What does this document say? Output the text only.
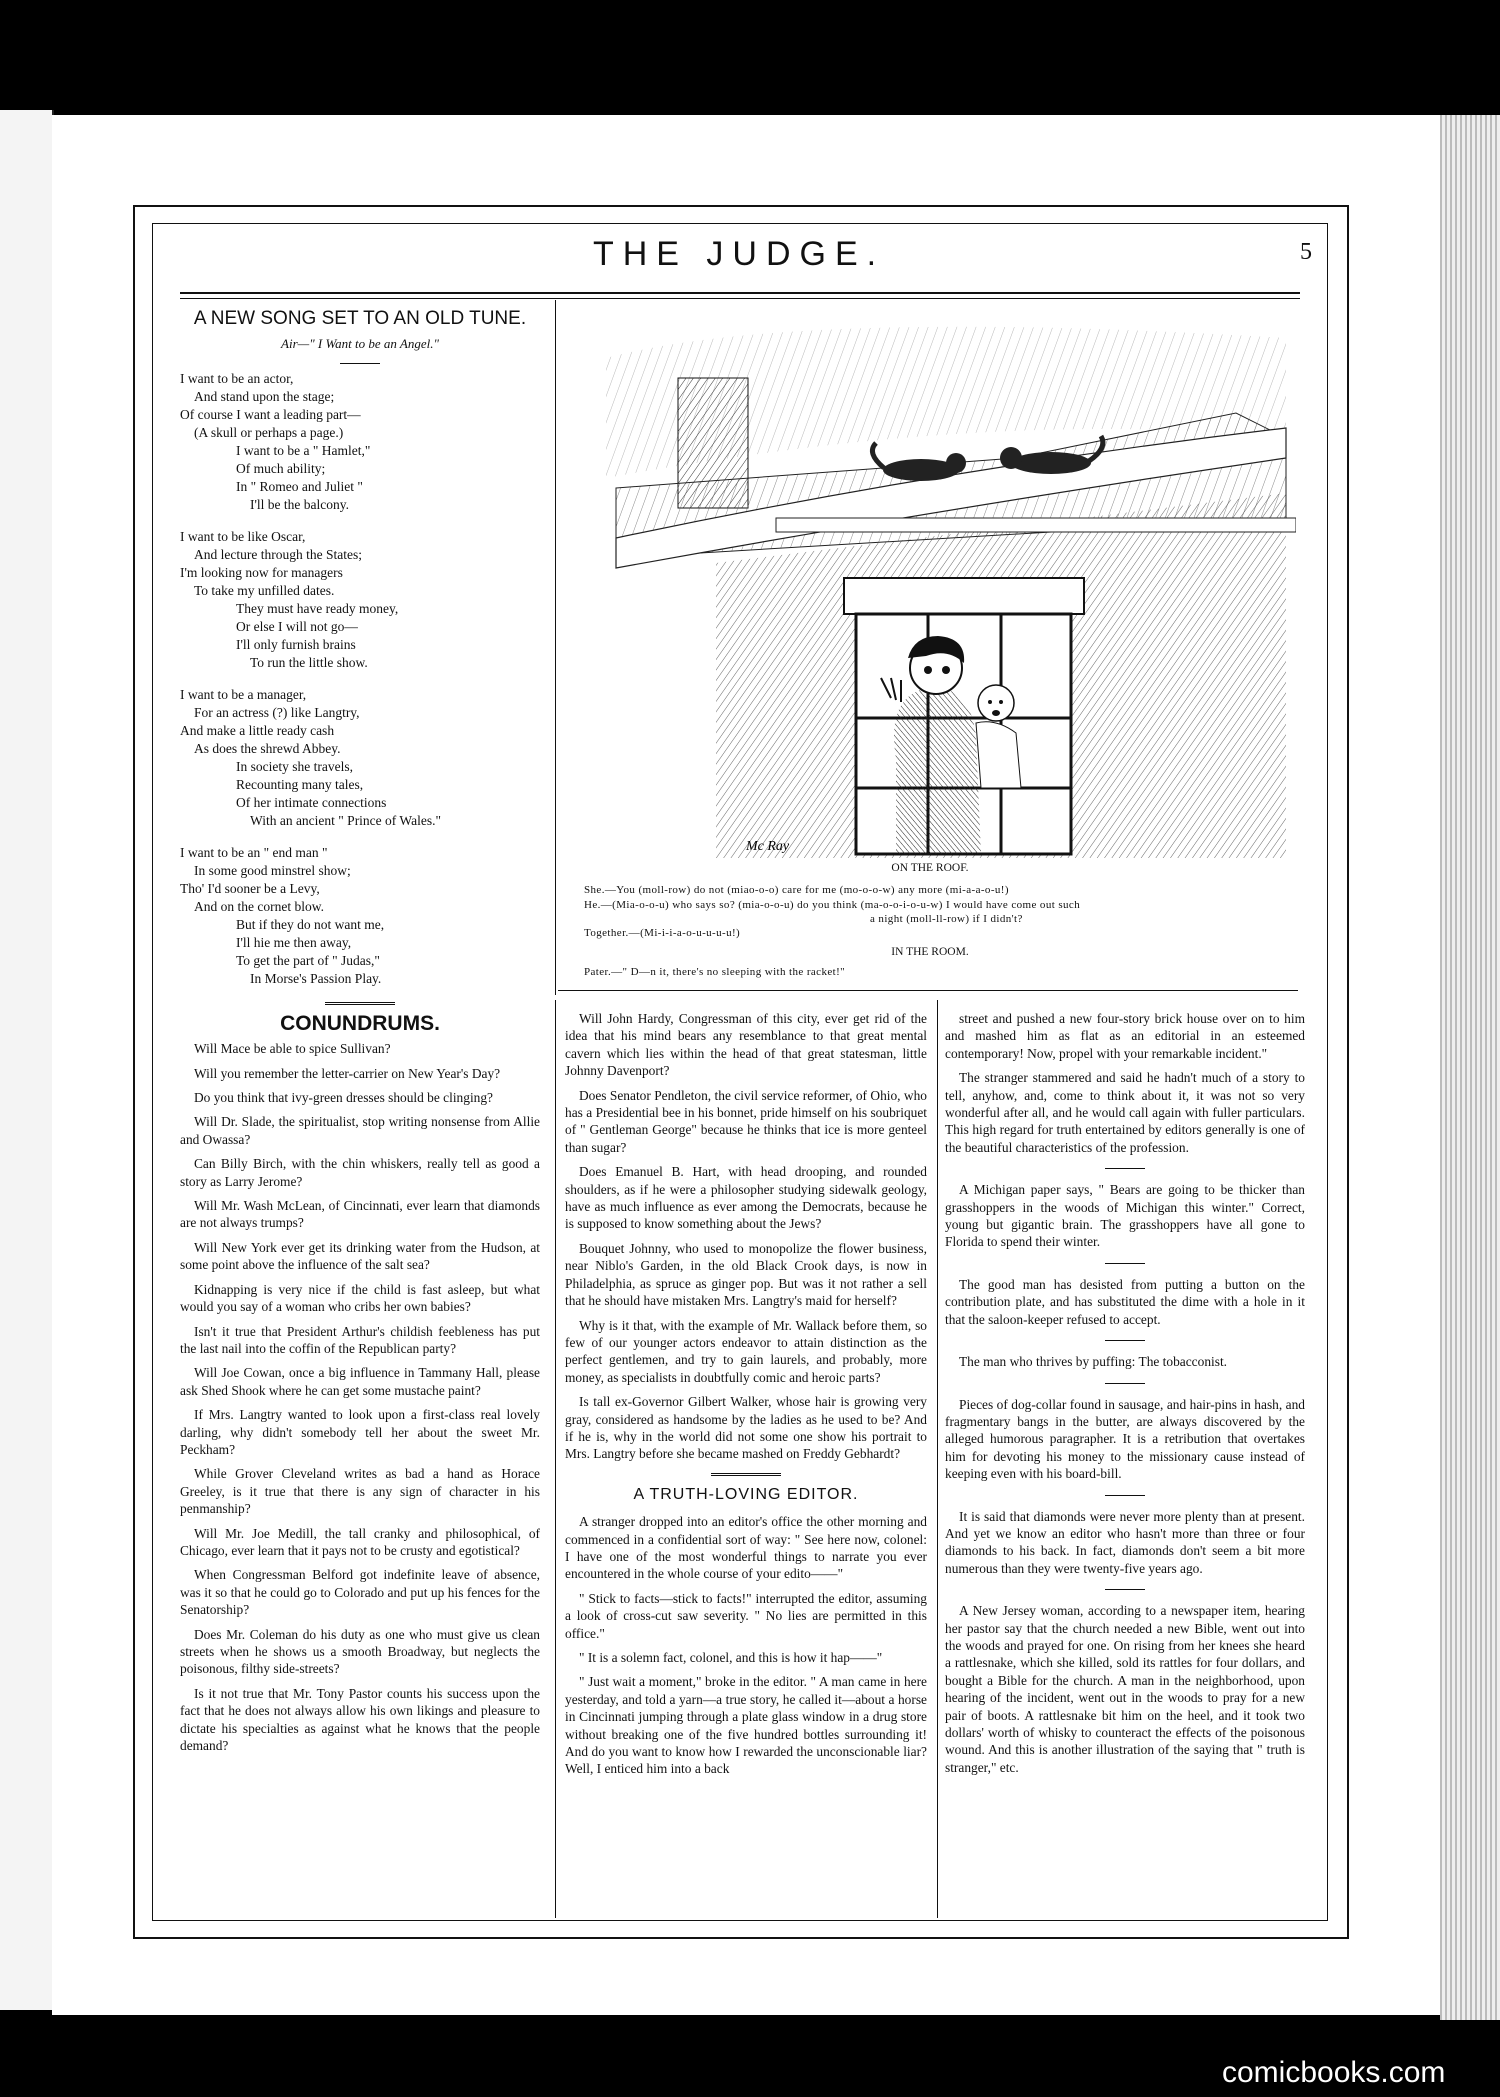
THE JUDGE.	5
A NEW SONG SET TO AN OLD TUNE.
Air—" I Want to be an Angel."
I want to be an actor,
And stand upon the stage;
Of course I want a leading part—
(A skull or perhaps a page.)
I want to be a " Hamlet,"
Of much ability;
In " Romeo and Juliet "
I'll be the balcony.
I want to be like Oscar,
And lecture through the States;
I'm looking now for managers
To take my unfilled dates.
They must have ready money,
Or else I will not go—
I'll only furnish brains
To run the little show.
I want to be a manager,
For an actress (?) like Langtry,
And make a little ready cash
As does the shrewd Abbey.
In society she travels,
Recounting many tales,
Of her intimate connections
With an ancient " Prince of Wales."
I want to be an " end man "
In some good minstrel show;
Tho' I'd sooner be a Levy,
And on the cornet blow.
But if they do not want me,
I'll hie me then away,
To get the part of " Judas,"
In Morse's Passion Play.
CONUNDRUMS.

Will Mace be able to spice Sullivan?

Will you remember the letter-carrier on New Year's Day?

Do you think that ivy-green dresses should be clinging?

Will Dr. Slade, the spiritualist, stop writing nonsense from Allie and Owassa?

Can Billy Birch, with the chin whiskers, really tell as good a story as Larry Jerome?

Will Mr. Wash McLean, of Cincinnati, ever learn that diamonds are not always trumps?

Will New York ever get its drinking water from the Hudson, at some point above the influence of the salt sea?

Kidnapping is very nice if the child is fast asleep, but what would you say of a woman who cribs her own babies?

Isn't it true that President Arthur's childish feebleness has put the last nail into the coffin of the Republican party?

Will Joe Cowan, once a big influence in Tammany Hall, please ask Shed Shook where he can get some mustache paint?

If Mrs. Langtry wanted to look upon a first-class real lovely darling, why didn't somebody tell her about the sweet Mr. Peckham?

While Grover Cleveland writes as bad a hand as Horace Greeley, is it true that there is any sign of character in his penmanship?

Will Mr. Joe Medill, the tall cranky and philosophical, of Chicago, ever learn that it pays not to be crusty and egotistical?

When Congressman Belford got indefinite leave of absence, was it so that he could go to Colorado and put up his fences for the Senatorship?

Does Mr. Coleman do his duty as one who must give us clean streets when he shows us a smooth Broadway, but neglects the poisonous, filthy side-streets?

Is it not true that Mr. Tony Pastor counts his success upon the fact that he does not always allow his own likings and pleasure to dictate his specialties as against what he knows that the people demand?

Mc Ray
ON THE ROOF.
She.—You (moll-row) do not (miao-o-o) care for me (mo-o-o-w) any more (mi-a-a-o-u!)
He.—(Mia-o-o-u) who says so? (mia-o-o-u) do you think (ma-o-o-i-o-u-w) I would have come out such
a night (moll-ll-row) if I didn't?
Together.—(Mi-i-i-a-o-u-u-u-u!)
IN THE ROOM.
Pater.—" D—n it, there's no sleeping with the racket!"

Will John Hardy, Congressman of this city, ever get rid of the idea that his mind bears any resemblance to that great mental cavern which lies within the head of that great statesman, little Johnny Davenport?

Does Senator Pendleton, the civil service reformer, of Ohio, who has a Presidential bee in his bonnet, pride himself on his soubriquet of " Gentleman George" because he thinks that ice is more genteel than sugar?

Does Emanuel B. Hart, with head drooping, and rounded shoulders, as if he were a philosopher studying sidewalk geology, have as much influence as ever among the Democrats, because he is supposed to know something about the Jews?

Bouquet Johnny, who used to monopolize the flower business, near Niblo's Garden, in the old Black Crook days, is now in Philadelphia, as spruce as ginger pop. But was it not rather a sell that he should have mistaken Mrs. Langtry's maid for herself?

Why is it that, with the example of Mr. Wallack before them, so few of our younger actors endeavor to attain distinction as the perfect gentlemen, and try to gain laurels, and probably, more money, as specialists in doubtfully comic and heroic parts?

Is tall ex-Governor Gilbert Walker, whose hair is growing very gray, considered as handsome by the ladies as he used to be? And if he is, why in the world did not some one show his portrait to Mrs. Langtry before she became mashed on Freddy Gebhardt?

A TRUTH-LOVING EDITOR.

A stranger dropped into an editor's office the other morning and commenced in a confidential sort of way: " See here now, colonel: I have one of the most wonderful things to narrate you ever encountered in the whole course of your edito——"

" Stick to facts—stick to facts!" interrupted the editor, assuming a look of cross-cut saw severity. " No lies are permitted in this office."

" It is a solemn fact, colonel, and this is how it hap——"

" Just wait a moment," broke in the editor. " A man came in here yesterday, and told a yarn—a true story, he called it—about a horse in Cincinnati jumping through a plate glass window in a drug store without breaking one of the five hundred bottles surrounding it! And do you want to know how I rewarded the unconscionable liar? Well, I enticed him into a back

street and pushed a new four-story brick house over on to him and mashed him as flat as an editorial in an esteemed contemporary! Now, propel with your remarkable incident."

The stranger stammered and said he hadn't much of a story to tell, anyhow, and, come to think about it, it was not so very wonderful after all, and he would call again with fuller particulars. This high regard for truth entertained by editors generally is one of the beautiful characteristics of the profession.

A Michigan paper says, " Bears are going to be thicker than grasshoppers in the woods of Michigan this winter." Correct, young but gigantic brain. The grasshoppers have all gone to Florida to spend their winter.

The good man has desisted from putting a button on the contribution plate, and has substituted the dime with a hole in it that the saloon-keeper refused to accept.

The man who thrives by puffing: The tobacconist.

Pieces of dog-collar found in sausage, and hair-pins in hash, and fragmentary bangs in the butter, are always discovered by the alleged humorous paragrapher. It is a retribution that overtakes him for devoting his money to the missionary cause instead of keeping even with his board-bill.

It is said that diamonds were never more plenty than at present. And yet we know an editor who hasn't more than three or four diamonds to his back. In fact, diamonds don't seem a bit more numerous than they were twenty-five years ago.

A New Jersey woman, according to a newspaper item, hearing her pastor say that the church needed a new Bible, went out into the woods and prayed for one. On rising from her knees she heard a rattlesnake, which she killed, sold its rattles for four dollars, and bought a Bible for the church. A man in the neighborhood, upon hearing of the incident, went out in the woods to pray for a new pair of boots. A rattlesnake bit him on the heel, and it took two dollars' worth of whisky to counteract the effects of the poisonous wound. And this is another illustration of the saying that " truth is stranger," etc.

comicbooks.com
